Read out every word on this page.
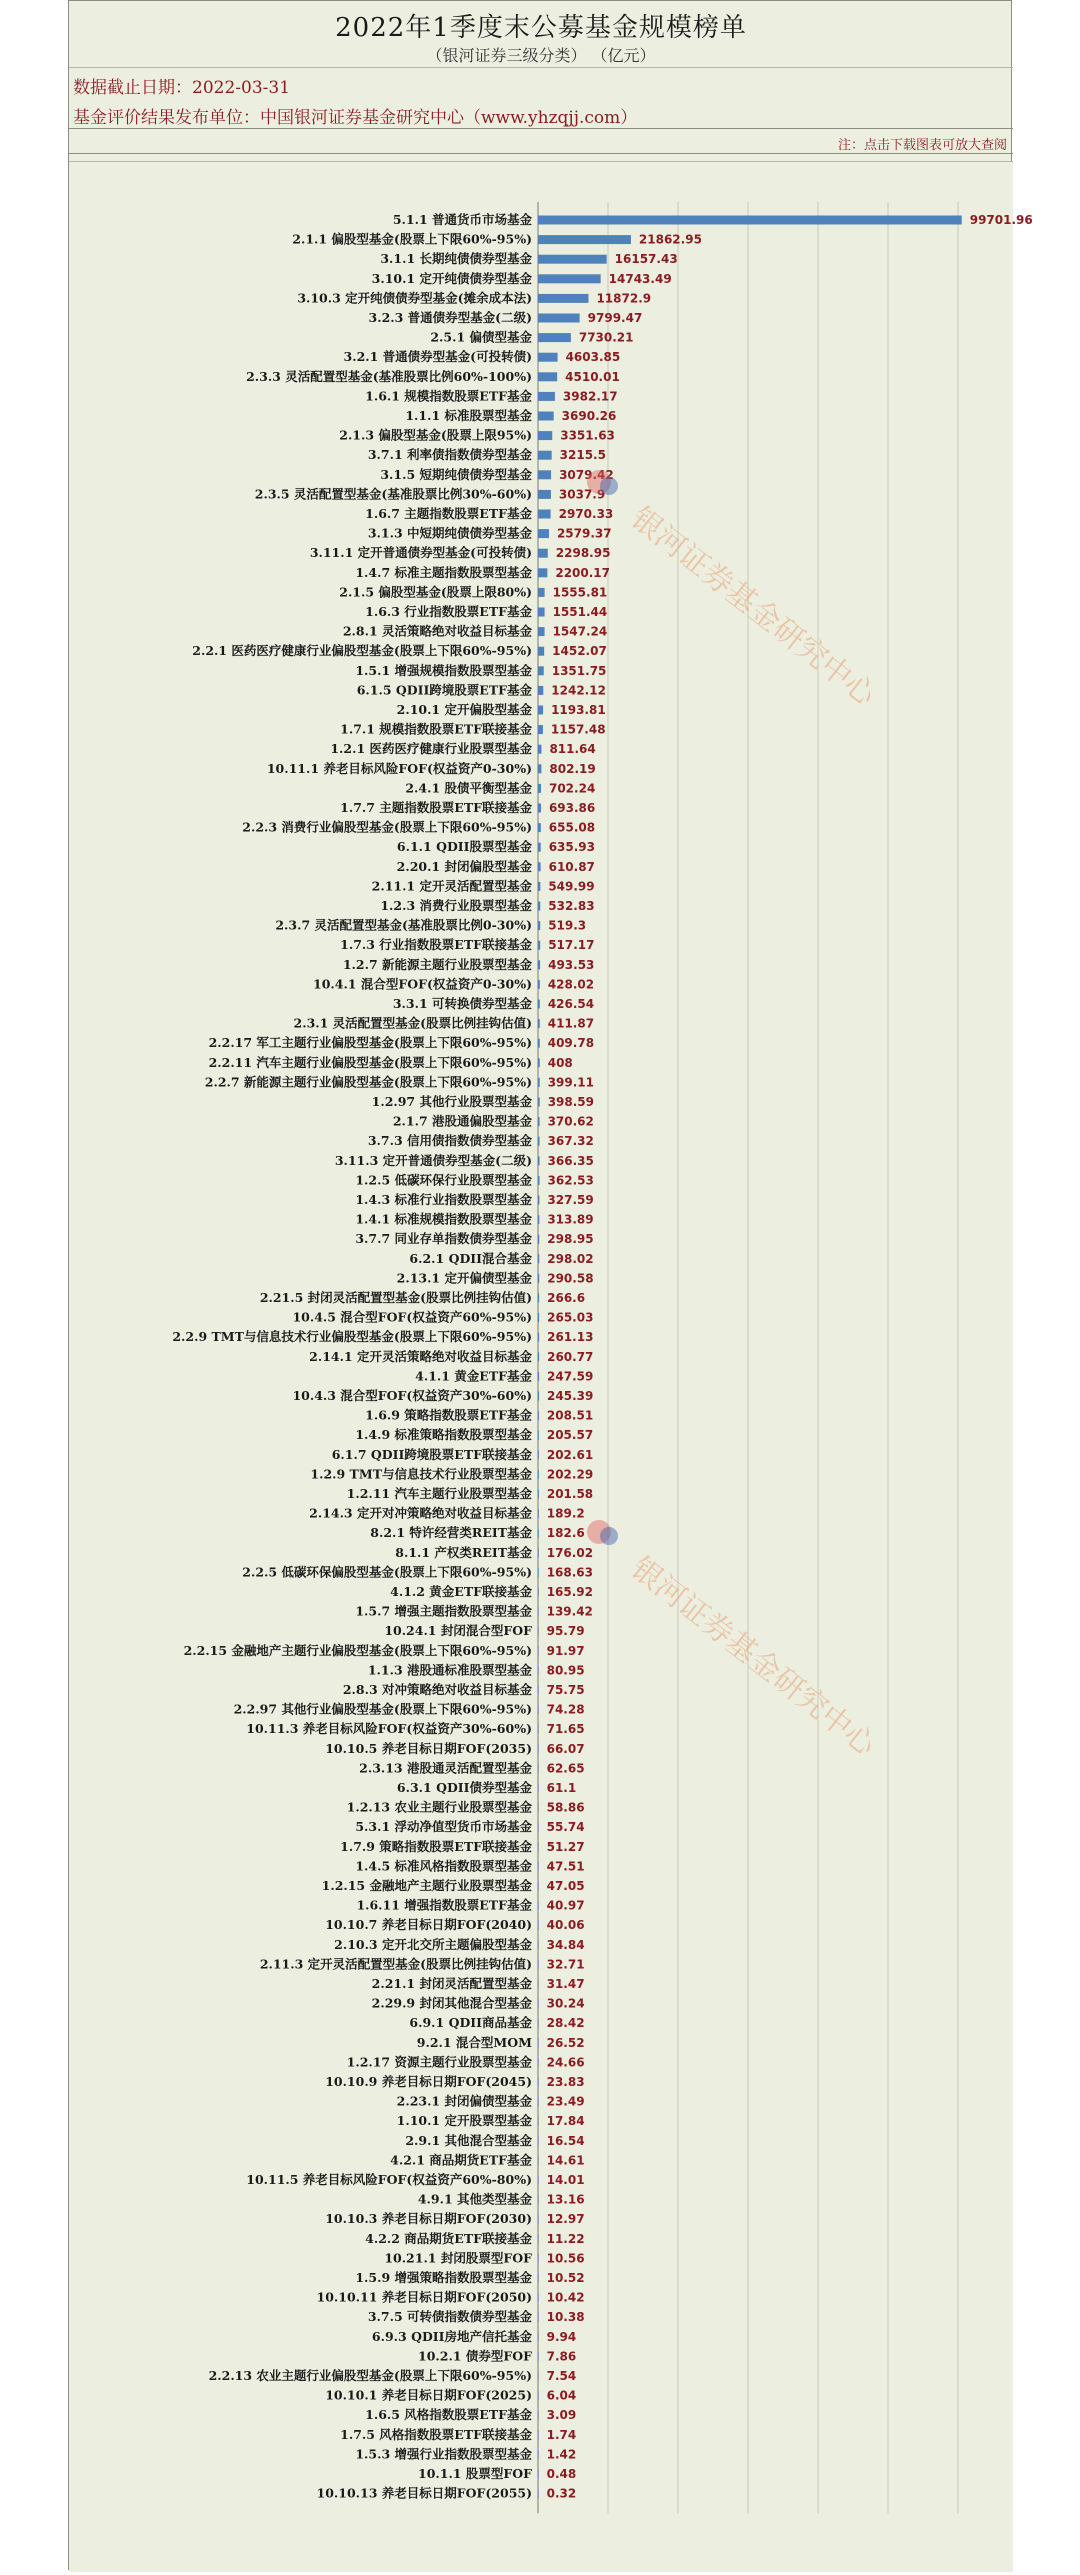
2022年1季度末公募基金规模榜单
（银河证券三级分类） （亿元）
数据截止日期：2022-03-31
基金评价结果发布单位：中国银河证券基金研究中心（www.yhzqjj.com）
注：点击下载图表可放大查阅
5.1.1 普通货币市场基金	99701.96
2.1.1 偏股型基金(股票上下限60%-95%)	21862.95
3.1.1 长期纯债债券型基金	16157.43
3.10.1 定开纯债债券型基金	14743.49
3.10.3 定开纯债债券型基金(摊余成本法)	11872.9
3.2.3 普通债券型基金(二级)	9799.47
2.5.1 偏债型基金	7730.21
3.2.1 普通债券型基金(可投转债)	4603.85
2.3.3 灵活配置型基金(基准股票比例60%-100%)	4510.01
1.6.1 规模指数股票ETF基金	3982.17
1.1.1 标准股票型基金 3690.26
2.1.3 偏股型基金(股票上限95%) 3351.63
3.7.1 利率债指数债券型基金 3215.5
3.1.5 短期纯债债券型基金 3079.42
2.3.5 灵活配置型基金(基准股票比例30%-60%) 3037.9
1.6.7 主题指数股票ETF基金 2970.33
3.1.3 中短期纯债债券型基金 2579.37
3.11.1 定开普通债券型基金(可投转债) 2298.95
1.4.7 标准主题指数股票型基金 2200.17
2.1.5 偏股型基金(股票上限80%) 1555.81
1.6.3 行业指数股票ETF基金 1551.44
2.8.1 灵活策略绝对收益目标基金 1547.24
2.2.1 医药医疗健康行业偏股型基金(股票上下限60%-95%) 1452.07
1.5.1 增强规模指数股票型基金 1351.75
6.1.5 QDII跨境股票ETF基金 1242.12
2.10.1 定开偏股型基金 1193.81
1.7.1 规模指数股票ETF联接基金 1157.48
1.2.1 医药医疗健康行业股票型基金 811.64
10.11.1 养老目标风险FOF(权益资产0-30%) 802.19
2.4.1 股债平衡型基金 702.24
1.7.7 主题指数股票ETF联接基金 693.86
2.2.3 消费行业偏股型基金(股票上下限60%-95%) 655.08
6.1.1 QDII股票型基金 635.93
2.20.1 封闭偏股型基金 610.87
2.11.1 定开灵活配置型基金 549.99
1.2.3 消费行业股票型基金 532.83
2.3.7 灵活配置型基金(基准股票比例0-30%) 519.3
1.7.3 行业指数股票ETF联接基金 517.17
1.2.7 新能源主题行业股票型基金 493.53
10.4.1 混合型FOF(权益资产0-30%) 428.02
3.3.1 可转换债券型基金 426.54
2.3.1 灵活配置型基金(股票比例挂钩估值) 411.87
2.2.17 军工主题行业偏股型基金(股票上下限60%-95%) 409.78
2.2.11 汽车主题行业偏股型基金(股票上下限60%-95%) 408
2.2.7 新能源主题行业偏股型基金(股票上下限60%-95%) 399.11
1.2.97 其他行业股票型基金 398.59
2.1.7 港股通偏股型基金 370.62
3.7.3 信用债指数债券型基金 367.32
3.11.3 定开普通债券型基金(二级) 366.35
1.2.5 低碳环保行业股票型基金 362.53
1.4.3 标准行业指数股票型基金 327.59
1.4.1 标准规模指数股票型基金 313.89
3.7.7 同业存单指数债券型基金 298.95
6.2.1 QDII混合基金 298.02
2.13.1 定开偏债型基金 290.58
2.21.5 封闭灵活配置型基金(股票比例挂钩估值) 266.6
10.4.5 混合型FOF(权益资产60%-95%) 265.03
2.2.9 TMT与信息技术行业偏股型基金(股票上下限60%-95%) 261.13
2.14.1 定开灵活策略绝对收益目标基金 260.77
4.1.1 黄金ETF基金 247.59
10.4.3 混合型FOF(权益资产30%-60%) 245.39
1.6.9 策略指数股票ETF基金 208.51
1.4.9 标准策略指数股票型基金 205.57
6.1.7 QDII跨境股票ETF联接基金 202.61
1.2.9 TMT与信息技术行业股票型基金 202.29
1.2.11 汽车主题行业股票型基金 201.58
2.14.3 定开对冲策略绝对收益目标基金 189.2
8.2.1 特许经营类REIT基金 182.6
8.1.1 产权类REIT基金 176.02
2.2.5 低碳环保偏股型基金(股票上下限60%-95%) 168.63
4.1.2 黄金ETF联接基金 165.92
1.5.7 增强主题指数股票型基金 139.42
10.24.1 封闭混合型FOF 95.79
2.2.15 金融地产主题行业偏股型基金(股票上下限60%-95%) 91.97
1.1.3 港股通标准股票型基金 80.95
2.8.3 对冲策略绝对收益目标基金 75.75
2.2.97 其他行业偏股型基金(股票上下限60%-95%) 74.28
10.11.3 养老目标风险FOF(权益资产30%-60%) 71.65
10.10.5 养老目标日期FOF(2035) 66.07
2.3.13 港股通灵活配置型基金 62.65
6.3.1 QDII债券型基金 61.1
1.2.13 农业主题行业股票型基金 58.86
5.3.1 浮动净值型货币市场基金 55.74
1.7.9 策略指数股票ETF联接基金 51.27
1.4.5 标准风格指数股票型基金 47.51
1.2.15 金融地产主题行业股票型基金 47.05
1.6.11 增强指数股票ETF基金 40.97
10.10.7 养老目标日期FOF(2040) 40.06
2.10.3 定开北交所主题偏股型基金 34.84
2.11.3 定开灵活配置型基金(股票比例挂钩估值) 32.71
2.21.1 封闭灵活配置型基金 31.47
2.29.9 封闭其他混合型基金 30.24
6.9.1 QDII商品基金 28.42
9.2.1 混合型MOM 26.52
1.2.17 资源主题行业股票型基金 24.66
10.10.9 养老目标日期FOF(2045) 23.83
2.23.1 封闭偏债型基金 23.49
1.10.1 定开股票型基金 17.84
2.9.1 其他混合型基金 16.54
4.2.1 商品期货ETF基金 14.61
10.11.5 养老目标风险FOF(权益资产60%-80%) 14.01
4.9.1 其他类型基金 13.16
10.10.3 养老目标日期FOF(2030) 12.97
4.2.2 商品期货ETF联接基金 11.22
10.21.1 封闭股票型FOF 10.56
1.5.9 增强策略指数股票型基金 10.52
10.10.11 养老目标日期FOF(2050) 10.42
3.7.5 可转债指数债券型基金 10.38
6.9.3 QDII房地产信托基金 9.94
10.2.1 债券型FOF 7.86
2.2.13 农业主题行业偏股型基金(股票上下限60%-95%) 7.54
10.10.1 养老目标日期FOF(2025) 6.04
1.6.5 风格指数股票ETF基金 3.09
1.7.5 风格指数股票ETF联接基金 1.74
1.5.3 增强行业指数股票型基金 1.42
10.1.1 股票型FOF 0.48
10.10.13 养老目标日期FOF(2055) 0.32
银河证券基金研究中心
银河证券基金研究中心
